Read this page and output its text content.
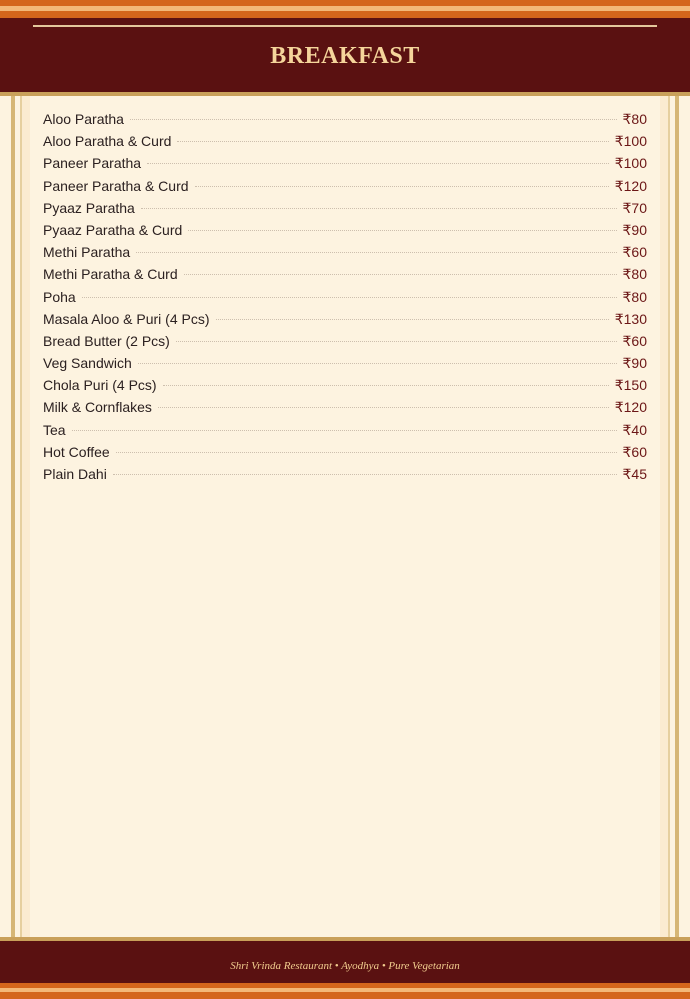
BREAKFAST
Aloo Paratha	₹80
Aloo Paratha & Curd	₹100
Paneer Paratha	₹100
Paneer Paratha & Curd	₹120
Pyaaz Paratha	₹70
Pyaaz Paratha & Curd	₹90
Methi Paratha	₹60
Methi Paratha & Curd	₹80
Poha	₹80
Masala Aloo & Puri (4 Pcs)	₹130
Bread Butter (2 Pcs)	₹60
Veg Sandwich	₹90
Chola Puri (4 Pcs)	₹150
Milk & Cornflakes	₹120
Tea	₹40
Hot Coffee	₹60
Plain Dahi	₹45
Shri Vrinda Restaurant • Ayodhya • Pure Vegetarian
